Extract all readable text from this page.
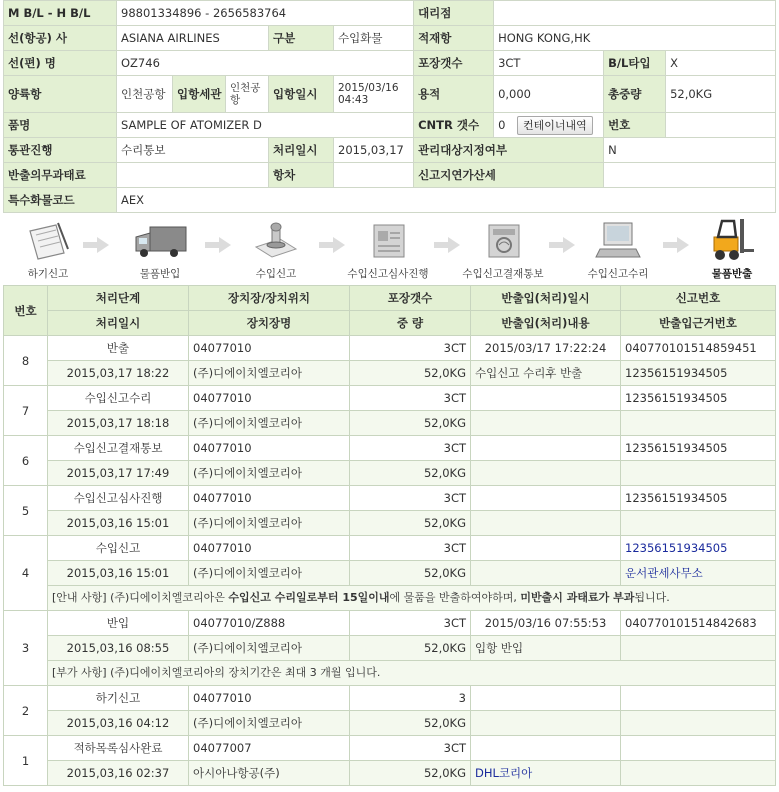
M B/L - H B/L	98801334896 - 2656583764					대리점			
선(항공) 사	ASIANA AIRLINES			구분	수입화물	적재항	HONG KONG,HK		
선(편) 명	OZ746					포장갯수	3CT	B/L타입	X
양륙항	인천공항	입항세관	인천공항	입항일시	2015/03/16 04:43	용적	0,000	총중량	52,0KG
품명	SAMPLE OF ATOMIZER D					CNTR 갯수	0 컨테이너내역	번호	
통관진행	수리통보			처리일시	2015,03,17	관리대상지정여부		N	
반출의무과태료				항차		신고지연가산세			
특수화물코드	AEX								
하기신고	물품반입	수입신고	수입신고심사진행	수입신고결재통보	수입신고수리	물품반출
번호	처리단계	장치장/장치위치	포장갯수	반출입(처리)일시	신고번호
	처리일시	장치장명	중 량	반출입(처리)내용	반출입근거번호
8	반출	04077010	3CT	2015/03/17 17:22:24	040770101514859451
	2015,03,17 18:22	(주)디에이치엘코리아	52,0KG	수입신고 수리후 반출	12356151934505
7	수입신고수리	04077010	3CT		12356151934505
	2015,03,17 18:18	(주)디에이치엘코리아	52,0KG		
6	수입신고결재통보	04077010	3CT		12356151934505
	2015,03,17 17:49	(주)디에이치엘코리아	52,0KG		
5	수입신고심사진행	04077010	3CT		12356151934505
	2015,03,16 15:01	(주)디에이치엘코리아	52,0KG		
4	수입신고	04077010	3CT		12356151934505
	2015,03,16 15:01	(주)디에이치엘코리아	52,0KG		운서관세사무소
	[안내 사항] (주)디에이치엘코리아은 수입신고 수리일로부터 15일이내에 물품을 반출하여야하며, 미반출시 과태료가 부과됩니다.				
3	반입	04077010/Z888	3CT	2015/03/16 07:55:53	040770101514842683
	2015,03,16 08:55	(주)디에이치엘코리아	52,0KG	입항 반입	
	[부가 사항] (주)디에이치엘코리아의 장치기간은 최대 3 개월 입니다.				
2	하기신고	04077010	3		
	2015,03,16 04:12	(주)디에이치엘코리아	52,0KG		
1	적하목록심사완료	04077007	3CT		
	2015,03,16 02:37	아시아나항공(주)	52,0KG	DHL코리아	
